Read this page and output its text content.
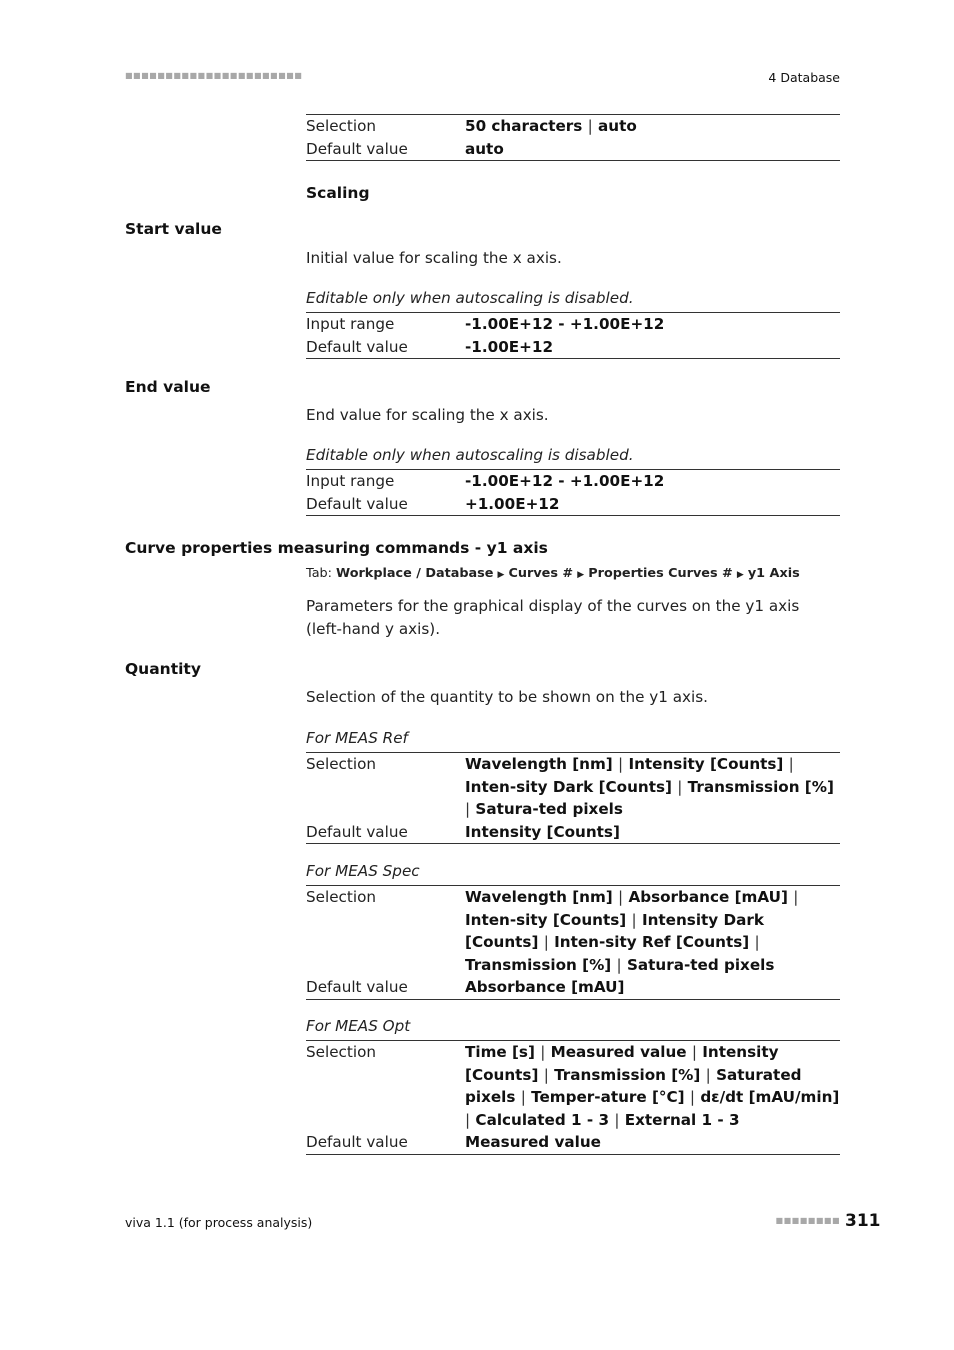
■■■■■■■■■■■■■■■■■■■■■■	4 Database
Selection	50 characters | auto
Default value	auto
Scaling
Start value
Initial value for scaling the x axis.
Editable only when autoscaling is disabled.
Input range	-1.00E+12 - +1.00E+12
Default value	-1.00E+12
End value
End value for scaling the x axis.
Editable only when autoscaling is disabled.
Input range	-1.00E+12 - +1.00E+12
Default value	+1.00E+12
Curve properties measuring commands - y1 axis
Tab: Workplace / Database ▶ Curves # ▶ Properties Curves # ▶ y1 Axis
Parameters for the graphical display of the curves on the y1 axis (left-hand y axis).
Quantity
Selection of the quantity to be shown on the y1 axis.
For MEAS Ref
Selection	Wavelength [nm] | Intensity [Counts] | Inten-sity Dark [Counts] | Transmission [%] | Satura-ted pixels
Default value	Intensity [Counts]
For MEAS Spec
Selection	Wavelength [nm] | Absorbance [mAU] | Inten-sity [Counts] | Intensity Dark [Counts] | Inten-sity Ref [Counts] | Transmission [%] | Satura-ted pixels
Default value	Absorbance [mAU]
For MEAS Opt
Selection	Time [s] | Measured value | Intensity [Counts] | Transmission [%] | Saturated pixels | Temper-ature [°C] | dε/dt [mAU/min] | Calculated 1 - 3 | External 1 - 3
Default value	Measured value
viva 1.1 (for process analysis)	■■■■■■■■ 311
